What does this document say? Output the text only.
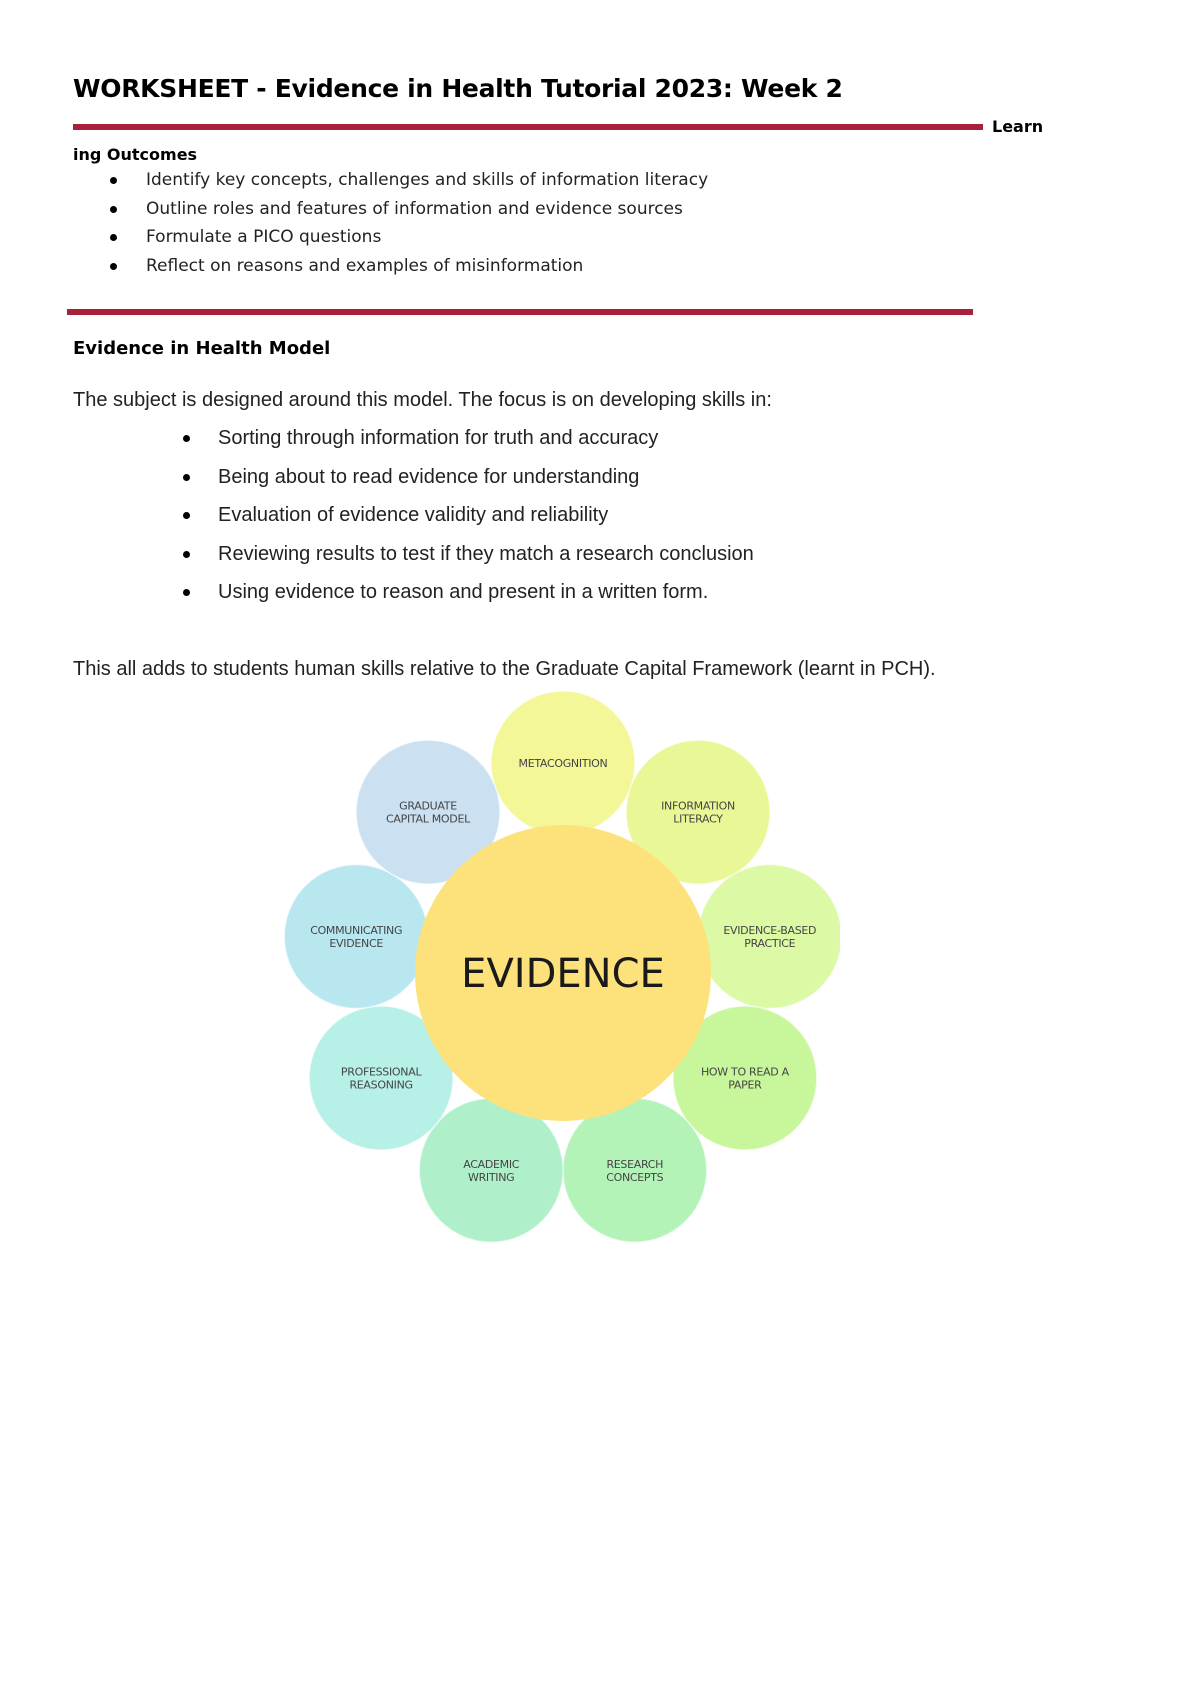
WORKSHEET - Evidence in Health Tutorial 2023: Week 2
Learn
ing Outcomes
Identify key concepts, challenges and skills of information literacy
Outline roles and features of information and evidence sources
Formulate a PICO questions
Reflect on reasons and examples of misinformation
Evidence in Health Model

The subject is designed around this model. The focus is on developing skills in:

Sorting through information for truth and accuracy
Being about to read evidence for understanding
Evaluation of evidence validity and reliability
Reviewing results to test if they match a research conclusion
Using evidence to reason and present in a written form.

This all adds to students human skills relative to the Graduate Capital Framework (learnt in PCH).

METACOGNITION
INFORMATION LITERACY
EVIDENCE-BASED PRACTICE
HOW TO READ A PAPER
RESEARCH CONCEPTS
ACADEMIC WRITING
PROFESSIONAL REASONING
COMMUNICATING EVIDENCE
GRADUATE CAPITAL MODEL
EVIDENCE
